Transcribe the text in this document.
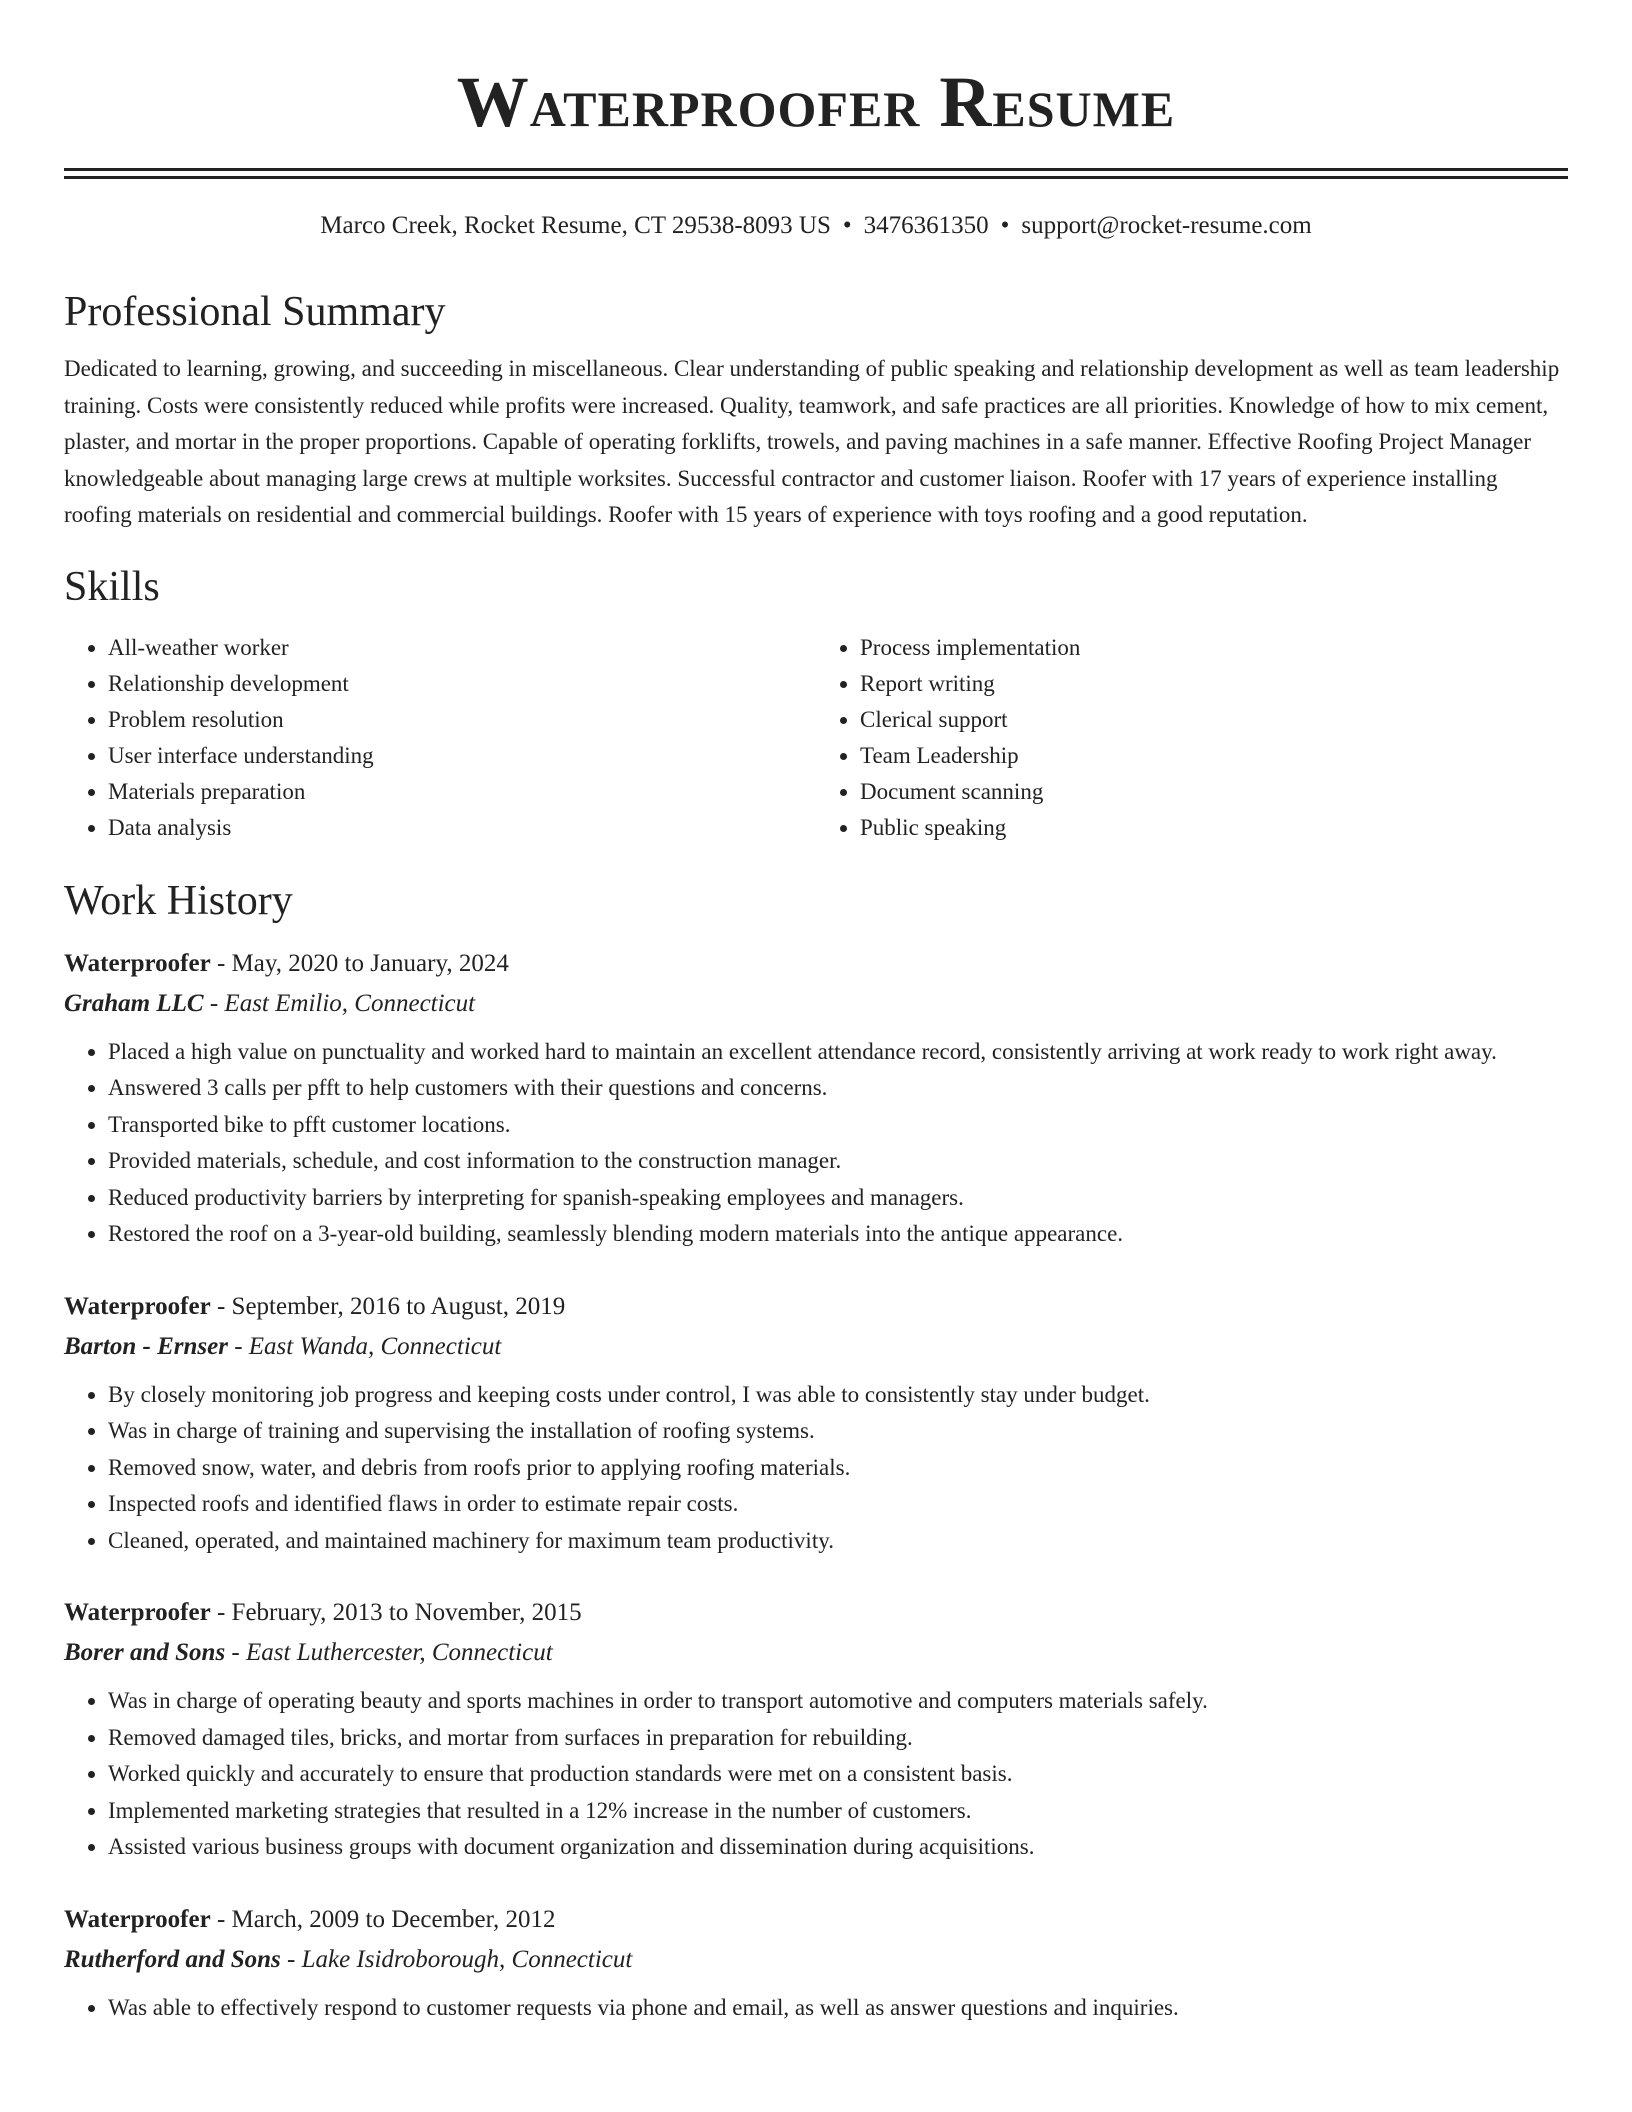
Waterproofer Resume
Marco Creek, Rocket Resume, CT 29538-8093 US • 3476361350 • support@rocket-resume.com
Professional Summary

Dedicated to learning, growing, and succeeding in miscellaneous. Clear understanding of public speaking and relationship development as well as team leadership training. Costs were consistently reduced while profits were increased. Quality, teamwork, and safe practices are all priorities. Knowledge of how to mix cement, plaster, and mortar in the proper proportions. Capable of operating forklifts, trowels, and paving machines in a safe manner. Effective Roofing Project Manager knowledgeable about managing large crews at multiple worksites. Successful contractor and customer liaison. Roofer with 17 years of experience installing roofing materials on residential and commercial buildings. Roofer with 15 years of experience with toys roofing and a good reputation.

Skills
• All-weather worker
• Relationship development
• Problem resolution
• User interface understanding
• Materials preparation
• Data analysis
• Process implementation
• Report writing
• Clerical support
• Team Leadership
• Document scanning
• Public speaking
Work History
Waterproofer - May, 2020 to January, 2024
Graham LLC - East Emilio, Connecticut
• Placed a high value on punctuality and worked hard to maintain an excellent attendance record, consistently arriving at work ready to work right away.
• Answered 3 calls per pfft to help customers with their questions and concerns.
• Transported bike to pfft customer locations.
• Provided materials, schedule, and cost information to the construction manager.
• Reduced productivity barriers by interpreting for spanish-speaking employees and managers.
• Restored the roof on a 3-year-old building, seamlessly blending modern materials into the antique appearance.
Waterproofer - September, 2016 to August, 2019
Barton - Ernser - East Wanda, Connecticut
• By closely monitoring job progress and keeping costs under control, I was able to consistently stay under budget.
• Was in charge of training and supervising the installation of roofing systems.
• Removed snow, water, and debris from roofs prior to applying roofing materials.
• Inspected roofs and identified flaws in order to estimate repair costs.
• Cleaned, operated, and maintained machinery for maximum team productivity.
Waterproofer - February, 2013 to November, 2015
Borer and Sons - East Luthercester, Connecticut
• Was in charge of operating beauty and sports machines in order to transport automotive and computers materials safely.
• Removed damaged tiles, bricks, and mortar from surfaces in preparation for rebuilding.
• Worked quickly and accurately to ensure that production standards were met on a consistent basis.
• Implemented marketing strategies that resulted in a 12% increase in the number of customers.
• Assisted various business groups with document organization and dissemination during acquisitions.
Waterproofer - March, 2009 to December, 2012
Rutherford and Sons - Lake Isidroborough, Connecticut
• Was able to effectively respond to customer requests via phone and email, as well as answer questions and inquiries.
